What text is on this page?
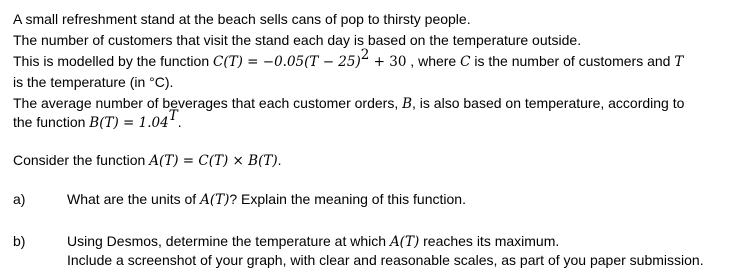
A small refreshment stand at the beach sells cans of pop to thirsty people.
The number of customers that visit the stand each day is based on the temperature outside.
This is modelled by the function $C(T) = -0.05(T - 25)^2 + 30$ , where C is the number of customers and T
is the temperature (in °C).
The average number of beverages that each customer orders, B, is also based on temperature, according to
the function $B(T) = 1.04^T$.
Consider the function A(T) = C(T) × B(T).
a)	What are the units of A(T)? Explain the meaning of this function.
b)	Using Desmos, determine the temperature at which A(T) reaches its maximum.
Include a screenshot of your graph, with clear and reasonable scales, as part of you paper submission.
